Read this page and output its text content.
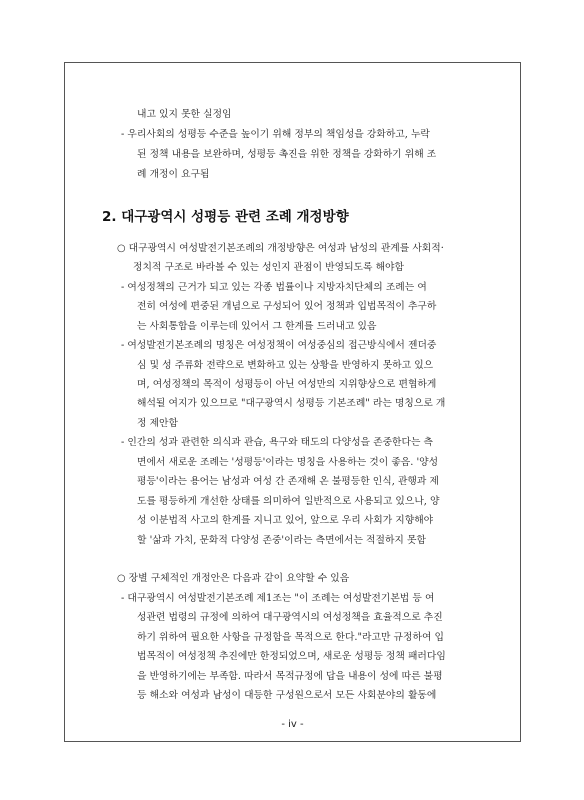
내고 있지 못한 실정임
- 우리사회의 성평등 수준을 높이기 위해 정부의 책임성을 강화하고, 누락
된 정책 내용을 보완하며, 성평등 촉진을 위한 정책을 강화하기 위해 조
례 개정이 요구됨
2. 대구광역시 성평등 관련 조례 개정방향
○ 대구광역시 여성발전기본조례의 개정방향은 여성과 남성의 관계를 사회적·
정치적 구조로 바라볼 수 있는 성인지 관점이 반영되도록 해야함
- 여성정책의 근거가 되고 있는 각종 법률이나 지방자치단체의 조례는 여
전히 여성에 편중된 개념으로 구성되어 있어 정책과 입법목적이 추구하
는 사회통합을 이루는데 있어서 그 한계를 드러내고 있음
- 여성발전기본조례의 명칭은 여성정책이 여성중심의 접근방식에서 젠더중
심 및 성 주류화 전략으로 변화하고 있는 상황을 반영하지 못하고 있으
며, 여성정책의 목적이 성평등이 아닌 여성만의 지위향상으로 편협하게
해석될 여지가 있으므로 "대구광역시 성평등 기본조례" 라는 명칭으로 개
정 제안함
- 인간의 성과 관련한 의식과 관습, 욕구와 태도의 다양성을 존중한다는 측
면에서 새로운 조례는 '성평등'이라는 명칭을 사용하는 것이 좋음. '양성
평등'이라는 용어는 남성과 여성 간 존재해 온 불평등한 인식, 관행과 제
도를 평등하게 개선한 상태를 의미하여 일반적으로 사용되고 있으나, 양
성 이분법적 사고의 한계를 지니고 있어, 앞으로 우리 사회가 지향해야
할 '삶과 가치, 문화적 다양성 존중'이라는 측면에서는 적절하지 못함
○ 장별 구체적인 개정안은 다음과 같이 요약할 수 있음
- 대구광역시 여성발전기본조례 제1조는 "이 조례는 여성발전기본법 등 여
성관련 법령의 규정에 의하여 대구광역시의 여성정책을 효율적으로 추진
하기 위하여 필요한 사항을 규정함을 목적으로 한다."라고만 규정하여 입
법목적이 여성정책 추진에만 한정되었으며, 새로운 성평등 정책 패러다임
을 반영하기에는 부족함. 따라서 목적규정에 답을 내용이 성에 따른 불평
등 해소와 여성과 남성이 대등한 구성원으로서 모든 사회분야의 활동에
- iv -
